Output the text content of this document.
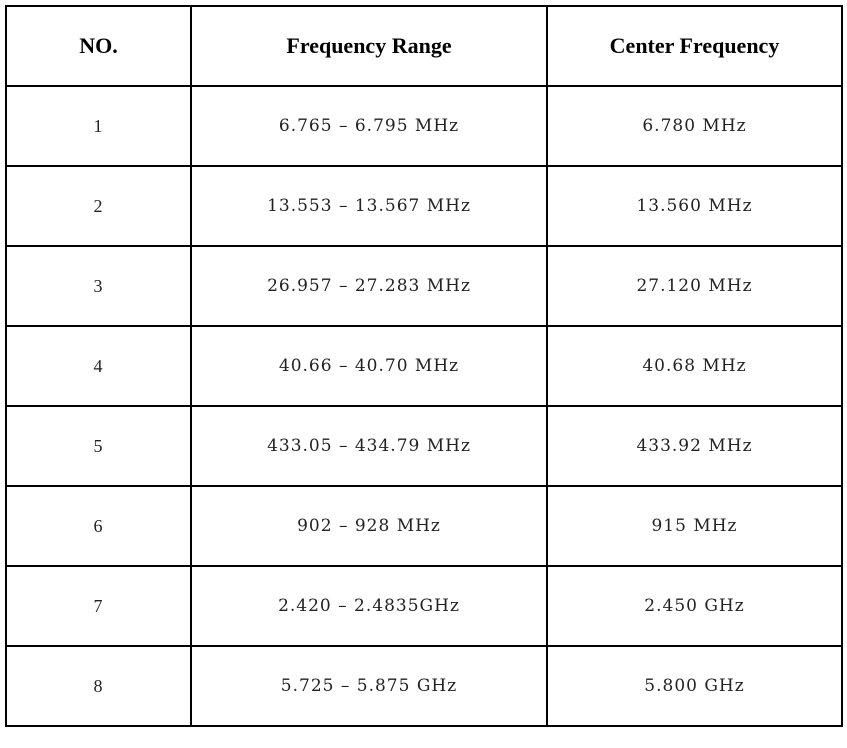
NO.	Frequency Range	Center Frequency
1	6.765 – 6.795 MHz	6.780 MHz
2	13.553 – 13.567 MHz	13.560 MHz
3	26.957 – 27.283 MHz	27.120 MHz
4	40.66 – 40.70 MHz	40.68 MHz
5	433.05 – 434.79 MHz	433.92 MHz
6	902 – 928 MHz	915 MHz
7	2.420 – 2.4835GHz	2.450 GHz
8	5.725 – 5.875 GHz	5.800 GHz
